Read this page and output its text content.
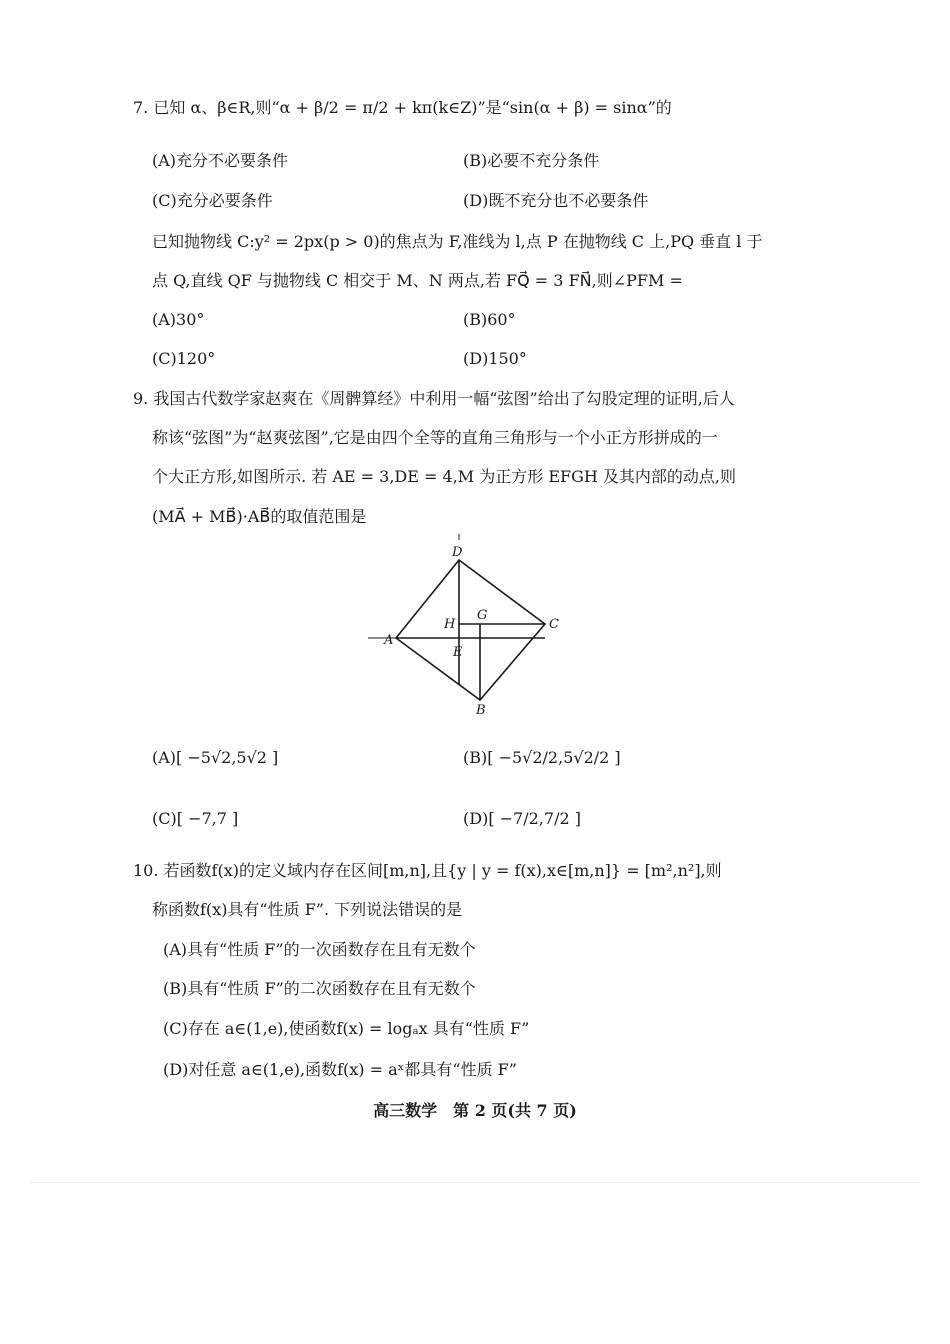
7. 已知 α、β∈R,则“α + β/2 = π/2 + kπ(k∈Z)”是“sin(α + β) = sinα”的
(A)充分不必要条件	(B)必要不充分条件
(C)充分必要条件	(D)既不充分也不必要条件
已知抛物线 C:y² = 2px(p > 0)的焦点为 F,准线为 l,点 P 在抛物线 C 上,PQ 垂直 l 于
点 Q,直线 QF 与抛物线 C 相交于 M、N 两点,若 FQ⃗ = 3 FN⃗,则∠PFM =
(A)30°	(B)60°
(C)120°	(D)150°
9. 我国古代数学家赵爽在《周髀算经》中利用一幅“弦图”给出了勾股定理的证明,后人
称该“弦图”为“赵爽弦图”,它是由四个全等的直角三角形与一个小正方形拼成的一
个大正方形,如图所示. 若 AE = 3,DE = 4,M 为正方形 EFGH 及其内部的动点,则
(MA⃗ + MB⃗)·AB⃗的取值范围是
D
A
C
B
G
H
E
(A)[ −5√2,5√2 ]	(B)[ −5√2/2,5√2/2 ]
(C)[ −7,7 ]	(D)[ −7/2,7/2 ]
10. 若函数f(x)的定义域内存在区间[m,n],且{y | y = f(x),x∈[m,n]} = [m²,n²],则
称函数f(x)具有“性质 F”. 下列说法错误的是
(A)具有“性质 F”的一次函数存在且有无数个
(B)具有“性质 F”的二次函数存在且有无数个
(C)存在 a∈(1,e),使函数f(x) = logₐx 具有“性质 F”
(D)对任意 a∈(1,e),函数f(x) = aˣ都具有“性质 F”
高三数学　第 2 页(共 7 页)
